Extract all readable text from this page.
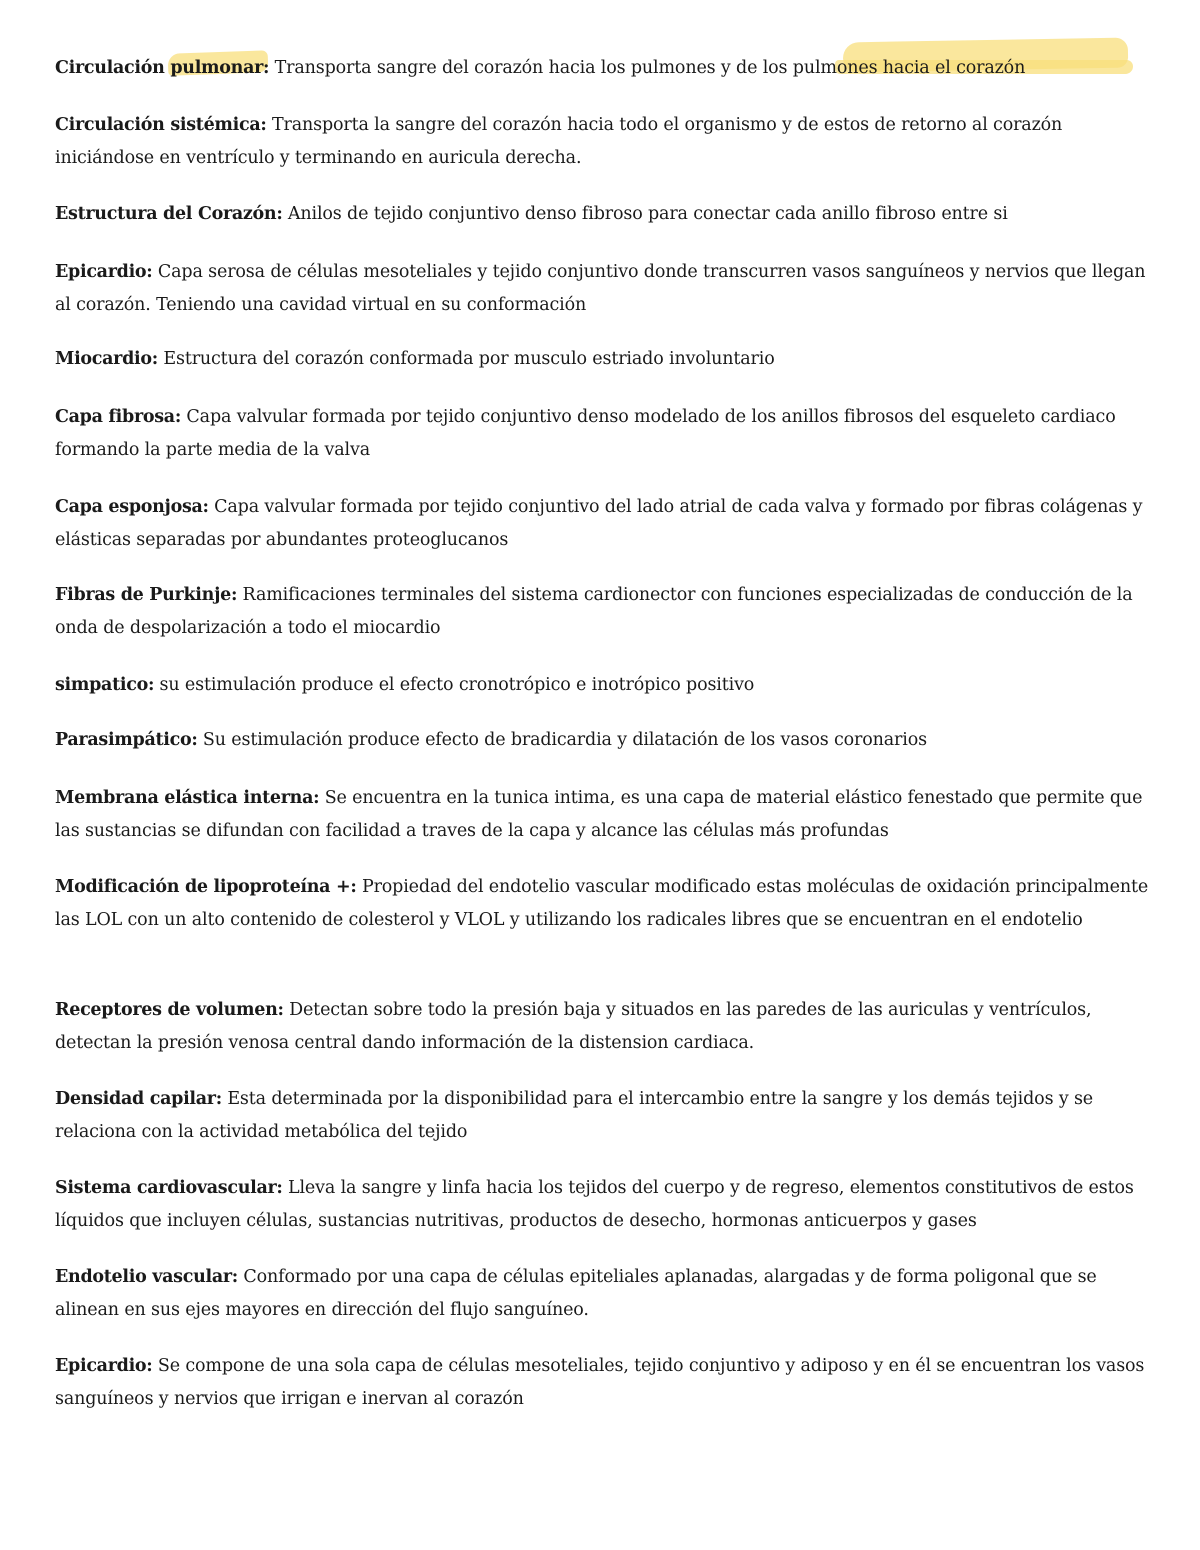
Circulación pulmonar: Transporta sangre del corazón hacia los pulmones y de los pulmones hacia el corazón

Circulación sistémica: Transporta la sangre del corazón hacia todo el organismo y de estos de retorno al corazón iniciándose en ventrículo y terminando en auricula derecha.

Estructura del Corazón: Anilos de tejido conjuntivo denso fibroso para conectar cada anillo fibroso entre si

Epicardio: Capa serosa de células mesoteliales y tejido conjuntivo donde transcurren vasos sanguíneos y nervios que llegan al corazón. Teniendo una cavidad virtual en su conformación

Miocardio: Estructura del corazón conformada por musculo estriado involuntario

Capa fibrosa: Capa valvular formada por tejido conjuntivo denso modelado de los anillos fibrosos del esqueleto cardiaco formando la parte media de la valva

Capa esponjosa: Capa valvular formada por tejido conjuntivo del lado atrial de cada valva y formado por fibras colágenas y elásticas separadas por abundantes proteoglucanos

Fibras de Purkinje: Ramificaciones terminales del sistema cardionector con funciones especializadas de conducción de la onda de despolarización a todo el miocardio

simpatico: su estimulación produce el efecto cronotrópico e inotrópico positivo

Parasimpático: Su estimulación produce efecto de bradicardia y dilatación de los vasos coronarios

Membrana elástica interna: Se encuentra en la tunica intima, es una capa de material elástico fenestado que permite que las sustancias se difundan con facilidad a traves de la capa y alcance las células más profundas

Modificación de lipoproteína +: Propiedad del endotelio vascular modificado estas moléculas de oxidación principalmente las LOL con un alto contenido de colesterol y VLOL y utilizando los radicales libres que se encuentran en el endotelio

Receptores de volumen: Detectan sobre todo la presión baja y situados en las paredes de las auriculas y ventrículos, detectan la presión venosa central dando información de la distension cardiaca.

Densidad capilar: Esta determinada por la disponibilidad para el intercambio entre la sangre y los demás tejidos y se relaciona con la actividad metabólica del tejido

Sistema cardiovascular: Lleva la sangre y linfa hacia los tejidos del cuerpo y de regreso, elementos constitutivos de estos líquidos que incluyen células, sustancias nutritivas, productos de desecho, hormonas anticuerpos y gases

Endotelio vascular: Conformado por una capa de células epiteliales aplanadas, alargadas y de forma poligonal que se alinean en sus ejes mayores en dirección del flujo sanguíneo.

Epicardio: Se compone de una sola capa de células mesoteliales, tejido conjuntivo y adiposo y en él se encuentran los vasos sanguíneos y nervios que irrigan e inervan al corazón
